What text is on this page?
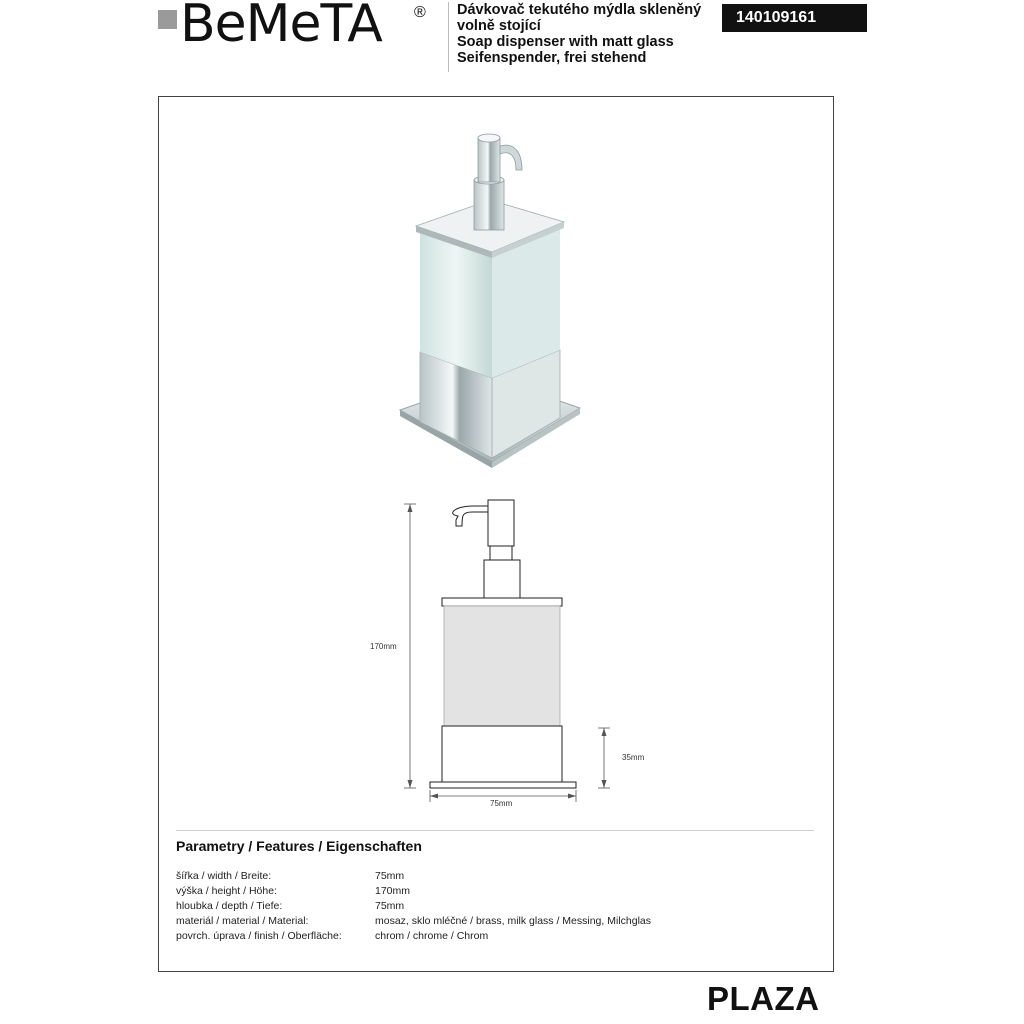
BeMeTA ® Dávkovač tekutého mýdla skleněný
volně stojící
Soap dispenser with matt glass
Seifenspender, frei stehend
140109161
170mm
35mm
75mm
Parametry / Features / Eigenschaften
šířka / width / Breite:	75mm
výška / height / Höhe:	170mm
hloubka / depth / Tiefe:	75mm
materiál / material / Material:	mosaz, sklo mléčné / brass, milk glass / Messing, Milchglas
povrch. úprava / finish / Oberfläche:	chrom / chrome / Chrom
PLAZA
